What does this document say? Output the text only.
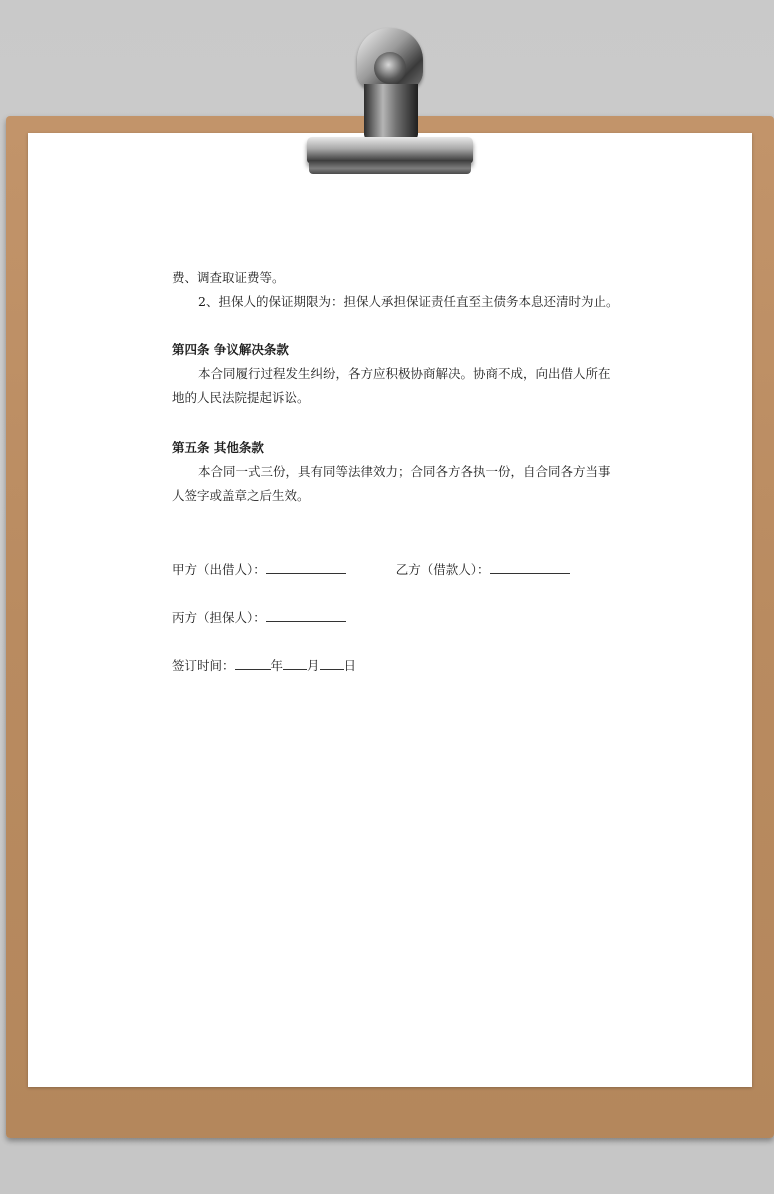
费、调查取证费等。

2、担保人的保证期限为：担保人承担保证责任直至主债务本息还清时为止。

第四条 争议解决条款

本合同履行过程发生纠纷，各方应积极协商解决。协商不成，向出借人所在

地的人民法院提起诉讼。

第五条 其他条款

本合同一式三份，具有同等法律效力；合同各方各执一份，自合同各方当事

人签字或盖章之后生效。

甲方（出借人）：	乙方（借款人）：
丙方（担保人）：
签订时间：	年 月 日
